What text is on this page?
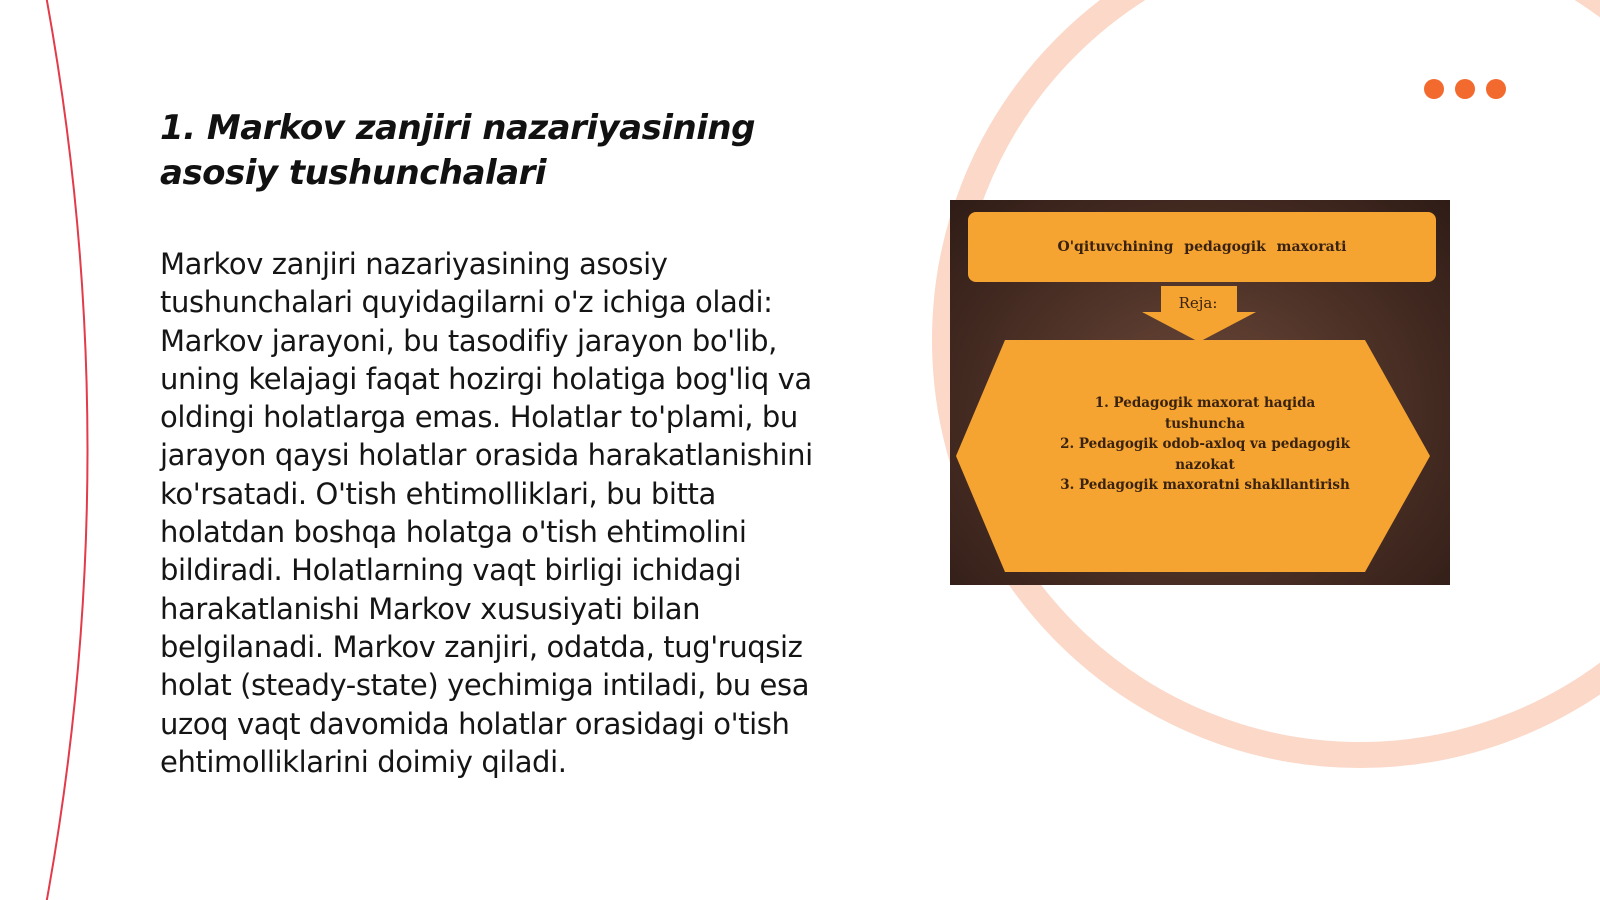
1. Markov zanjiri nazariyasining asosiy tushunchalari

Markov zanjiri nazariyasining asosiy tushunchalari quyidagilarni o'z ichiga oladi: Markov jarayoni, bu tasodifiy jarayon bo'lib, uning kelajagi faqat hozirgi holatiga bog'liq va oldingi holatlarga emas. Holatlar to'plami, bu jarayon qaysi holatlar orasida harakatlanishini ko'rsatadi. O'tish ehtimolliklari, bu bitta holatdan boshqa holatga o'tish ehtimolini bildiradi. Holatlarning vaqt birligi ichidagi harakatlanishi Markov xususiyati bilan belgilanadi. Markov zanjiri, odatda, tug'ruqsiz holat (steady-state) yechimiga intiladi, bu esa uzoq vaqt davomida holatlar orasidagi o'tish ehtimolliklarini doimiy qiladi.

O'qituvchining pedagogik maxorati
Reja:
1. Pedagogik maxorat haqida tushuncha
2. Pedagogik odob-axloq va pedagogik nazokat
3. Pedagogik maxoratni shakllantirish
